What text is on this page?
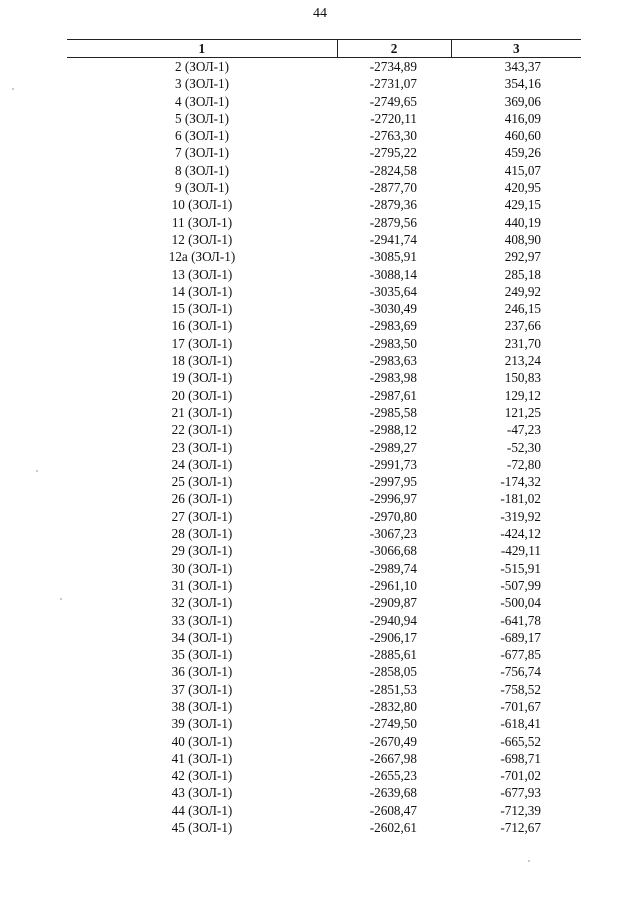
44
1	2	3
2 (ЗОЛ-1)	-2734,89	343,37
3 (ЗОЛ-1)	-2731,07	354,16
4 (ЗОЛ-1)	-2749,65	369,06
5 (ЗОЛ-1)	-2720,11	416,09
6 (ЗОЛ-1)	-2763,30	460,60
7 (ЗОЛ-1)	-2795,22	459,26
8 (ЗОЛ-1)	-2824,58	415,07
9 (ЗОЛ-1)	-2877,70	420,95
10 (ЗОЛ-1)	-2879,36	429,15
11 (ЗОЛ-1)	-2879,56	440,19
12 (ЗОЛ-1)	-2941,74	408,90
12а (ЗОЛ-1)	-3085,91	292,97
13 (ЗОЛ-1)	-3088,14	285,18
14 (ЗОЛ-1)	-3035,64	249,92
15 (ЗОЛ-1)	-3030,49	246,15
16 (ЗОЛ-1)	-2983,69	237,66
17 (ЗОЛ-1)	-2983,50	231,70
18 (ЗОЛ-1)	-2983,63	213,24
19 (ЗОЛ-1)	-2983,98	150,83
20 (ЗОЛ-1)	-2987,61	129,12
21 (ЗОЛ-1)	-2985,58	121,25
22 (ЗОЛ-1)	-2988,12	-47,23
23 (ЗОЛ-1)	-2989,27	-52,30
24 (ЗОЛ-1)	-2991,73	-72,80
25 (ЗОЛ-1)	-2997,95	-174,32
26 (ЗОЛ-1)	-2996,97	-181,02
27 (ЗОЛ-1)	-2970,80	-319,92
28 (ЗОЛ-1)	-3067,23	-424,12
29 (ЗОЛ-1)	-3066,68	-429,11
30 (ЗОЛ-1)	-2989,74	-515,91
31 (ЗОЛ-1)	-2961,10	-507,99
32 (ЗОЛ-1)	-2909,87	-500,04
33 (ЗОЛ-1)	-2940,94	-641,78
34 (ЗОЛ-1)	-2906,17	-689,17
35 (ЗОЛ-1)	-2885,61	-677,85
36 (ЗОЛ-1)	-2858,05	-756,74
37 (ЗОЛ-1)	-2851,53	-758,52
38 (ЗОЛ-1)	-2832,80	-701,67
39 (ЗОЛ-1)	-2749,50	-618,41
40 (ЗОЛ-1)	-2670,49	-665,52
41 (ЗОЛ-1)	-2667,98	-698,71
42 (ЗОЛ-1)	-2655,23	-701,02
43 (ЗОЛ-1)	-2639,68	-677,93
44 (ЗОЛ-1)	-2608,47	-712,39
45 (ЗОЛ-1)	-2602,61	-712,67
